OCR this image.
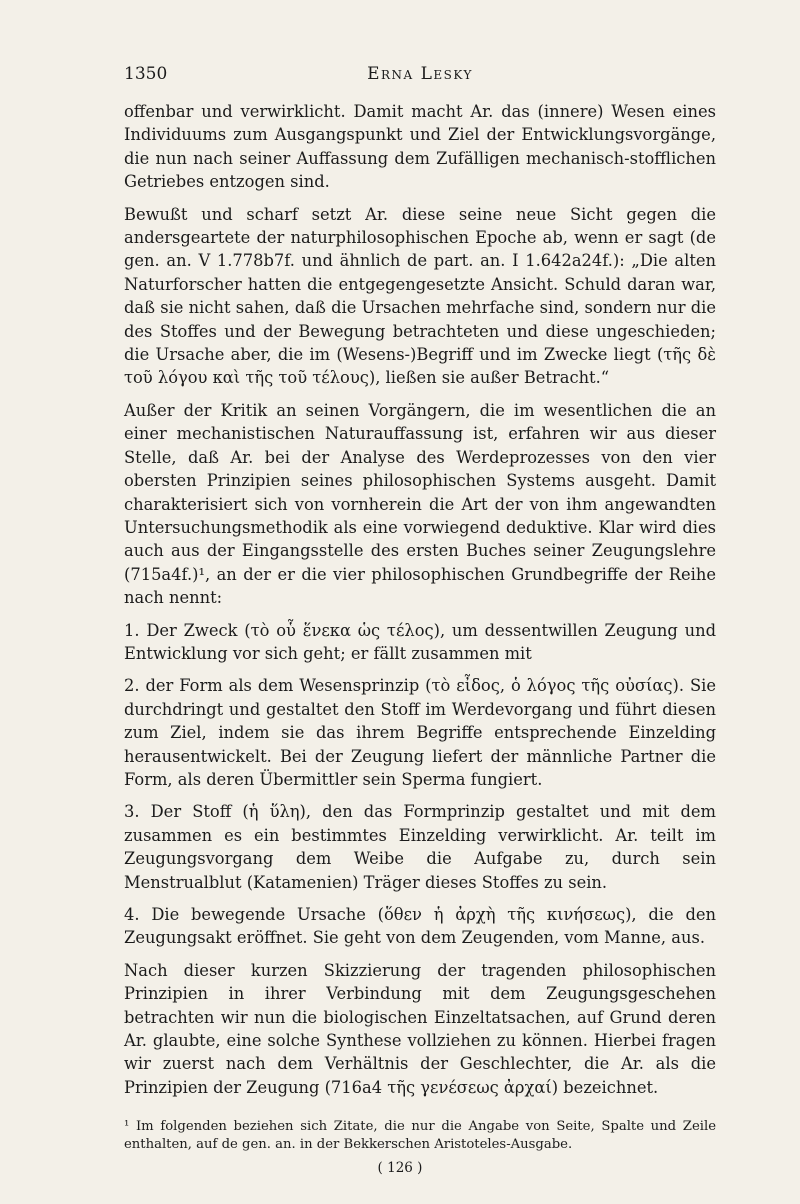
1350	Erna Lesky

offenbar und verwirklicht. Damit macht Ar. das (innere) Wesen eines Individuums zum Ausgangspunkt und Ziel der Entwicklungsvorgänge, die nun nach seiner Auffassung dem Zufälligen mechanisch-stofflichen Getriebes entzogen sind.

Bewußt und scharf setzt Ar. diese seine neue Sicht gegen die andersgeartete der naturphilosophischen Epoche ab, wenn er sagt (de gen. an. V 1.778b7f. und ähnlich de part. an. I 1.642a24f.): „Die alten Naturforscher hatten die entgegengesetzte Ansicht. Schuld daran war, daß sie nicht sahen, daß die Ursachen mehrfache sind, sondern nur die des Stoffes und der Bewegung betrachteten und diese ungeschieden; die Ursache aber, die im (Wesens-)Begriff und im Zwecke liegt (τῆς δὲ τοῦ λόγου καὶ τῆς τοῦ τέλους), ließen sie außer Betracht.“

Außer der Kritik an seinen Vorgängern, die im wesentlichen die an einer mechanistischen Naturauffassung ist, erfahren wir aus dieser Stelle, daß Ar. bei der Analyse des Werdeprozesses von den vier obersten Prinzipien seines philosophischen Systems ausgeht. Damit charakterisiert sich von vornherein die Art der von ihm angewandten Untersuchungsmethodik als eine vorwiegend deduktive. Klar wird dies auch aus der Eingangsstelle des ersten Buches seiner Zeugungslehre (715a4f.)¹, an der er die vier philosophischen Grundbegriffe der Reihe nach nennt:

1. Der Zweck (τὸ οὗ ἕνεκα ὡς τέλος), um dessentwillen Zeugung und Entwicklung vor sich geht; er fällt zusammen mit

2. der Form als dem Wesensprinzip (τὸ εἶδος, ὁ λόγος τῆς οὐσίας). Sie durchdringt und gestaltet den Stoff im Werdevorgang und führt diesen zum Ziel, indem sie das ihrem Begriffe entsprechende Einzelding herausentwickelt. Bei der Zeugung liefert der männliche Partner die Form, als deren Übermittler sein Sperma fungiert.

3. Der Stoff (ἡ ὕλη), den das Formprinzip gestaltet und mit dem zusammen es ein bestimmtes Einzelding verwirklicht. Ar. teilt im Zeugungsvorgang dem Weibe die Aufgabe zu, durch sein Menstrualblut (Katamenien) Träger dieses Stoffes zu sein.

4. Die bewegende Ursache (ὅθεν ἡ ἀρχὴ τῆς κινήσεως), die den Zeugungsakt eröffnet. Sie geht von dem Zeugenden, vom Manne, aus.

Nach dieser kurzen Skizzierung der tragenden philosophischen Prinzipien in ihrer Verbindung mit dem Zeugungsgeschehen betrachten wir nun die biologischen Einzeltatsachen, auf Grund deren Ar. glaubte, eine solche Synthese vollziehen zu können. Hierbei fragen wir zuerst nach dem Verhältnis der Geschlechter, die Ar. als die Prinzipien der Zeugung (716a4 τῆς γενέσεως ἀρχαί) bezeichnet.

¹ Im folgenden beziehen sich Zitate, die nur die Angabe von Seite, Spalte und Zeile enthalten, auf de gen. an. in der Bekkerschen Aristoteles-Ausgabe.
( 126 )
